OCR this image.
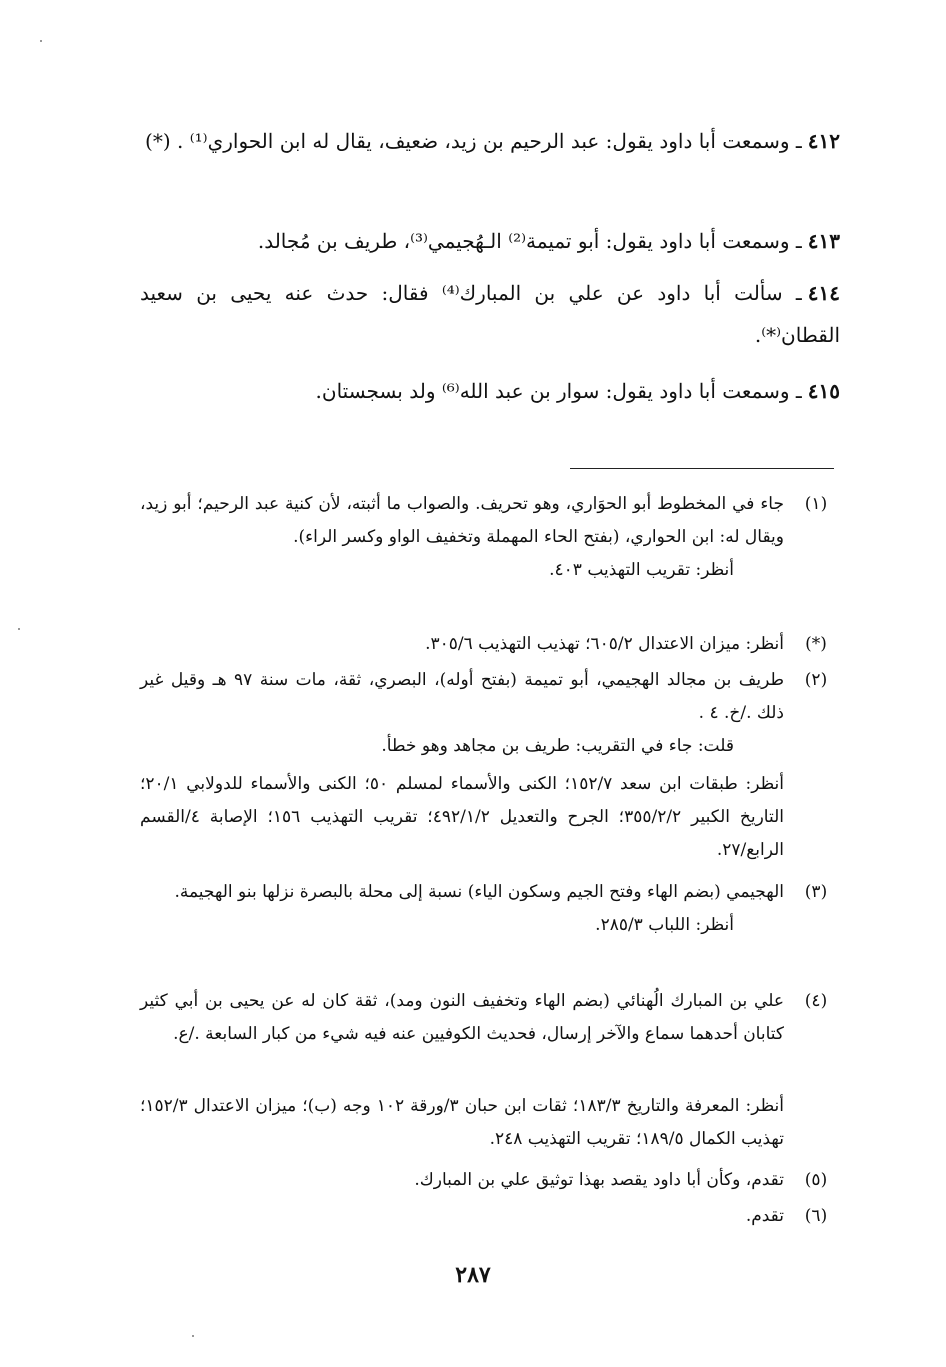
٤١٢ـ وسمعت أبا داود يقول: عبد الرحيم بن زيد، ضعيف، يقال له ابن الحواري⁽¹⁾ . (*)
٤١٣ـ وسمعت أبا داود يقول: أبو تميمة⁽²⁾ الـهُجيمي⁽³⁾، طريف بن مُجالد.
٤١٤ـ سألت أبا داود عن علي بن المبارك⁽⁴⁾ فقال: حدث عنه يحيى بن سعيد القطان⁽*⁾.
٤١٥ـ وسمعت أبا داود يقول: سوار بن عبد الله⁽⁶⁾ ولد بسجستان.
(١)
جاء في المخطوط أبو الحوَاري، وهو تحريف. والصواب ما أثبته، لأن كنية عبد الرحيم؛ أبو زيد، ويقال له: ابن الحواري، (بفتح الحاء المهملة وتخفيف الواو وكسر الراء).
أنظر: تقريب التهذيب ٤٠٣.
(*)
أنظر: ميزان الاعتدال ٦٠٥/٢؛ تهذيب التهذيب ٣٠٥/٦.
(٢)
طريف بن مجالد الهجيمي، أبو تميمة (بفتح أوله)، البصري، ثقة، مات سنة ٩٧ هـ وقيل غير ذلك ./خ. ٤ .
قلت: جاء في التقريب: طريف بن مجاهد وهو خطأ.
أنظر: طبقات ابن سعد ١٥٢/٧؛ الكنى والأسماء لمسلم ٥٠؛ الكنى والأسماء للدولابي ٢٠/١؛ التاريخ الكبير ٣٥٥/٢/٢؛ الجرح والتعديل ٤٩٢/١/٢؛ تقريب التهذيب ١٥٦؛ الإصابة ٤/القسم الرابع/٢٧.
(٣)
الهجيمي (بضم الهاء وفتح الجيم وسكون الياء) نسبة إلى محلة بالبصرة نزلها بنو الهجيمة.
أنظر: اللباب ٢٨٥/٣.
(٤)
علي بن المبارك الُهنائي (بضم الهاء وتخفيف النون ومد)، ثقة كان له عن يحيى بن أبي كثير كتابان أحدهما سماع والآخر إرسال، فحديث الكوفيين عنه فيه شيء من كبار السابعة ./ع.
أنظر: المعرفة والتاريخ ١٨٣/٣؛ ثقات ابن حبان ٣/ورقة ١٠٢ وجه (ب)؛ ميزان الاعتدال ١٥٢/٣؛ تهذيب الكمال ١٨٩/٥؛ تقريب التهذيب ٢٤٨.
(٥)
تقدم، وكأن أبا داود يقصد بهذا توثيق علي بن المبارك.
(٦)
تقدم.
٢٨٧
